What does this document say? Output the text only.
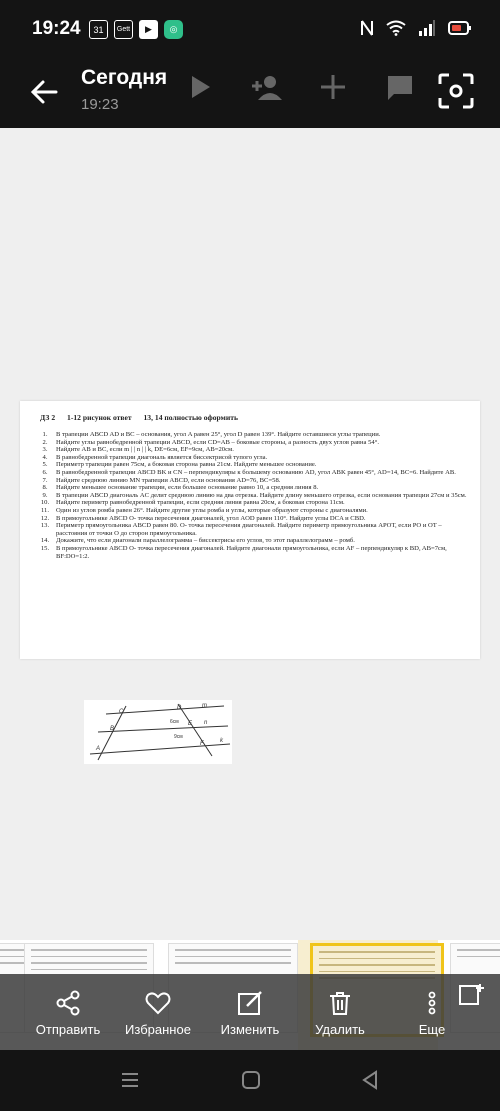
19:24	31	Gett	▶	◎
Сегодня
19:23
ДЗ 2 1-12 рисунок ответ 13, 14 полностью оформить
1.	В трапеции ABCD AD и BC – основания, угол A равен 25°, угол D равен 139°. Найдите оставшиеся углы трапеции.
2.	Найдите углы равнобедренной трапеции ABCD, если CD=AB – боковые стороны, а разность двух углов равна 54°.
3.	Найдите AB и BC, если m | | n | | k, DE=6см, EF=9см, AB=20см.
4.	В равнобедренной трапеции диагональ является биссектрисой тупого угла.
5.	Периметр трапеции равен 75см, а боковая сторона равна 21см. Найдите меньшее основание.
6.	В равнобедренной трапеции ABCD BK и CN – перпендикуляры к большему основанию AD, угол ABK равен 45°, AD=14, BC=6. Найдите AB.
7.	Найдите среднюю линию MN трапеции ABCD, если основания AD=76, BC=58.
8.	Найдите меньшее основание трапеции, если большее основание равно 10, а средняя линия 8.
9.	В трапеции ABCD диагональ AC делит среднюю линию на два отрезка. Найдите длину меньшего отрезка, если основания трапеции 27см и 35см.
10.	Найдите периметр равнобедренной трапеции, если средняя линия равна 20см, а боковая сторона 11см.
11.	Один из углов ромба равен 26°. Найдите другие углы ромба и углы, которые образуют стороны с диагоналями.
12.	В прямоугольнике ABCD O- точка пересечения диагоналей, угол AOD равен 110°. Найдите углы DCA и CBD.
13.	Периметр прямоугольника ABCD равен 80. O- точка пересечения диагоналей. Найдите периметр прямоугольника APOT, если PO и OT – расстояния от точки O до сторон прямоугольника.
14.	Докажите, что если диагонали параллелограмма – биссектрисы его углов, то этот параллелограмм – ромб.
15.	В прямоугольнике ABCD O- точка пересечения диагоналей. Найдите диагонали прямоугольника, если AF – перпендикуляр к BD, AB=7см, BF:DO=1:2.
C
D	m
B
E n
A
F	k
6см
9см
Отправить Избранное Изменить	Удалить	Еще
